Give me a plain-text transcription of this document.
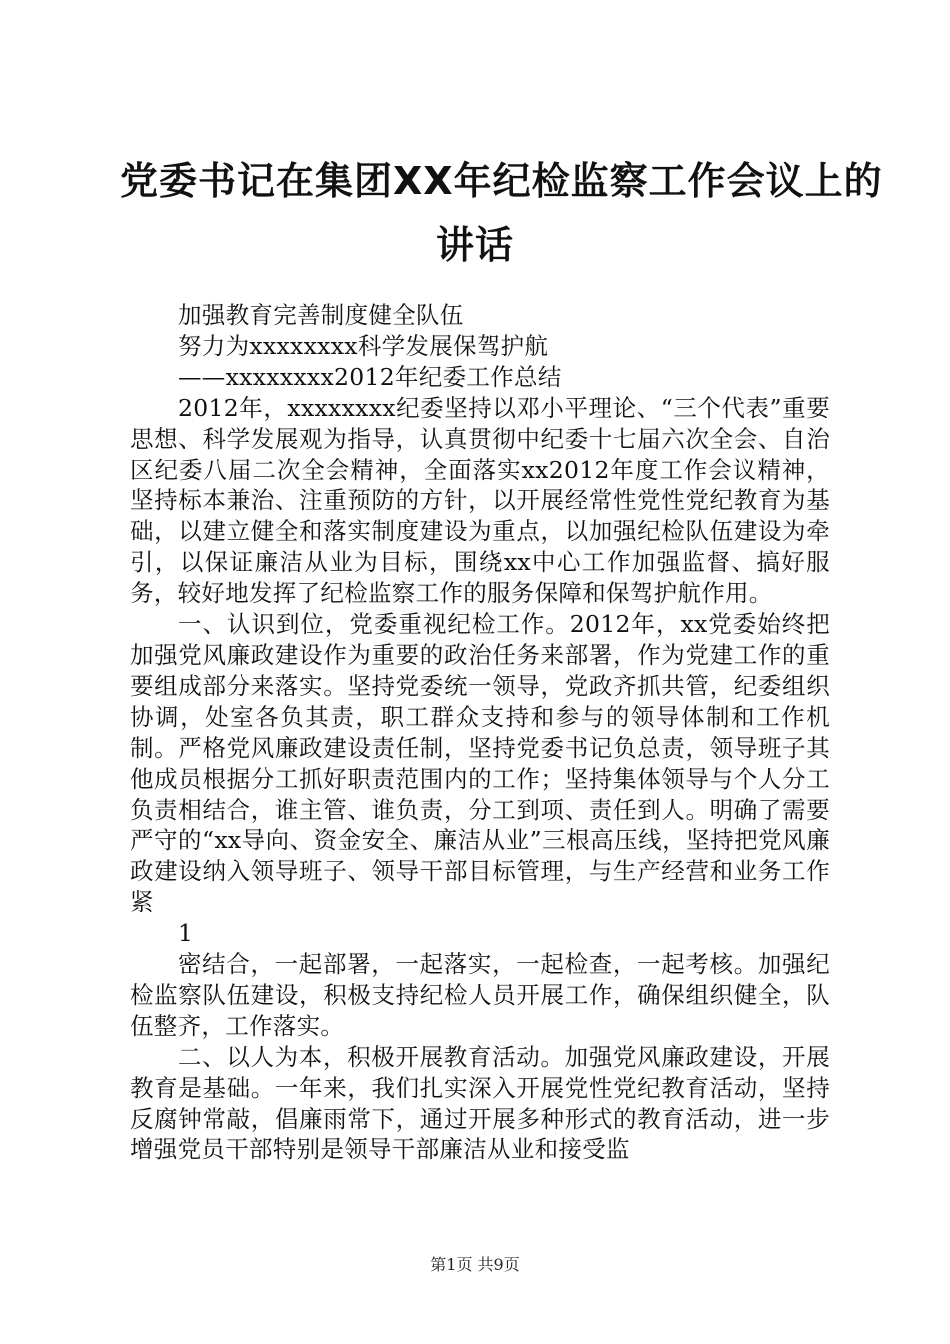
党委书记在集团XX年纪检监察工作会议上的
讲话

加强教育完善制度健全队伍

努力为xxxxxxxx科学发展保驾护航

——xxxxxxxx2012年纪委工作总结

2012年，xxxxxxxx纪委坚持以邓小平理论、“三个代表”重要思想、科学发展观为指导，认真贯彻中纪委十七届六次全会、自治区纪委八届二次全会精神，全面落实xx2012年度工作会议精神，坚持标本兼治、注重预防的方针，以开展经常性党性党纪教育为基础，以建立健全和落实制度建设为重点，以加强纪检队伍建设为牵引，以保证廉洁从业为目标，围绕xx中心工作加强监督、搞好服务，较好地发挥了纪检监察工作的服务保障和保驾护航作用。

一、认识到位，党委重视纪检工作。2012年，xx党委始终把加强党风廉政建设作为重要的政治任务来部署，作为党建工作的重要组成部分来落实。坚持党委统一领导，党政齐抓共管，纪委组织协调，处室各负其责，职工群众支持和参与的领导体制和工作机制。严格党风廉政建设责任制，坚持党委书记负总责，领导班子其他成员根据分工抓好职责范围内的工作；坚持集体领导与个人分工负责相结合，谁主管、谁负责，分工到项、责任到人。明确了需要严守的“xx导向、资金安全、廉洁从业”三根高压线，坚持把党风廉政建设纳入领导班子、领导干部目标管理，与生产经营和业务工作紧

1

密结合，一起部署，一起落实，一起检查，一起考核。加强纪检监察队伍建设，积极支持纪检人员开展工作，确保组织健全，队伍整齐，工作落实。

二、以人为本，积极开展教育活动。加强党风廉政建设，开展教育是基础。一年来，我们扎实深入开展党性党纪教育活动，坚持反腐钟常敲，倡廉雨常下，通过开展多种形式的教育活动，进一步增强党员干部特别是领导干部廉洁从业和接受监

第1页 共9页
